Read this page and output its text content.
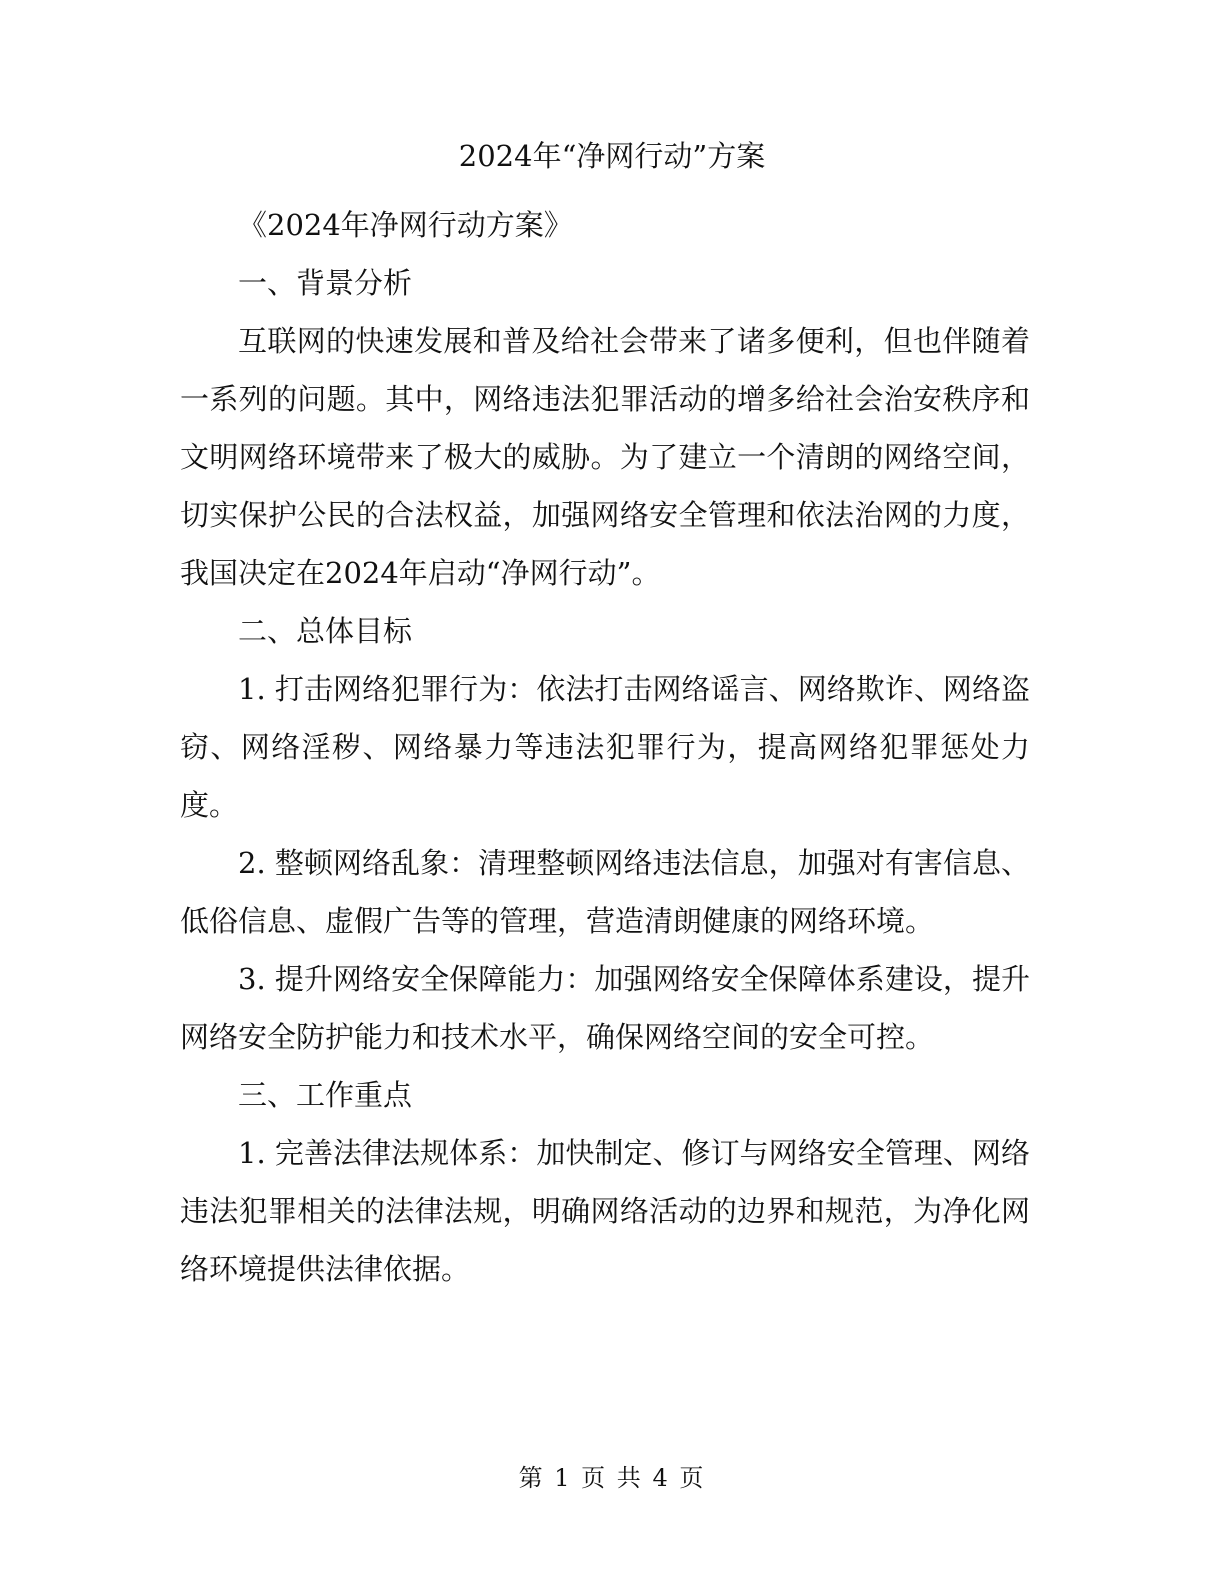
2024年“净网行动”方案

《2024年净网行动方案》

一、背景分析

互联网的快速发展和普及给社会带来了诸多便利，但也伴随着一系列的问题。其中，网络违法犯罪活动的增多给社会治安秩序和文明网络环境带来了极大的威胁。为了建立一个清朗的网络空间，切实保护公民的合法权益，加强网络安全管理和依法治网的力度，我国决定在2024年启动“净网行动”。

二、总体目标

1. 打击网络犯罪行为：依法打击网络谣言、网络欺诈、网络盗窃、网络淫秽、网络暴力等违法犯罪行为，提高网络犯罪惩处力度。

2. 整顿网络乱象：清理整顿网络违法信息，加强对有害信息、低俗信息、虚假广告等的管理，营造清朗健康的网络环境。

3. 提升网络安全保障能力：加强网络安全保障体系建设，提升网络安全防护能力和技术水平，确保网络空间的安全可控。

三、工作重点

1. 完善法律法规体系：加快制定、修订与网络安全管理、网络违法犯罪相关的法律法规，明确网络活动的边界和规范，为净化网络环境提供法律依据。

第 1 页 共 4 页
